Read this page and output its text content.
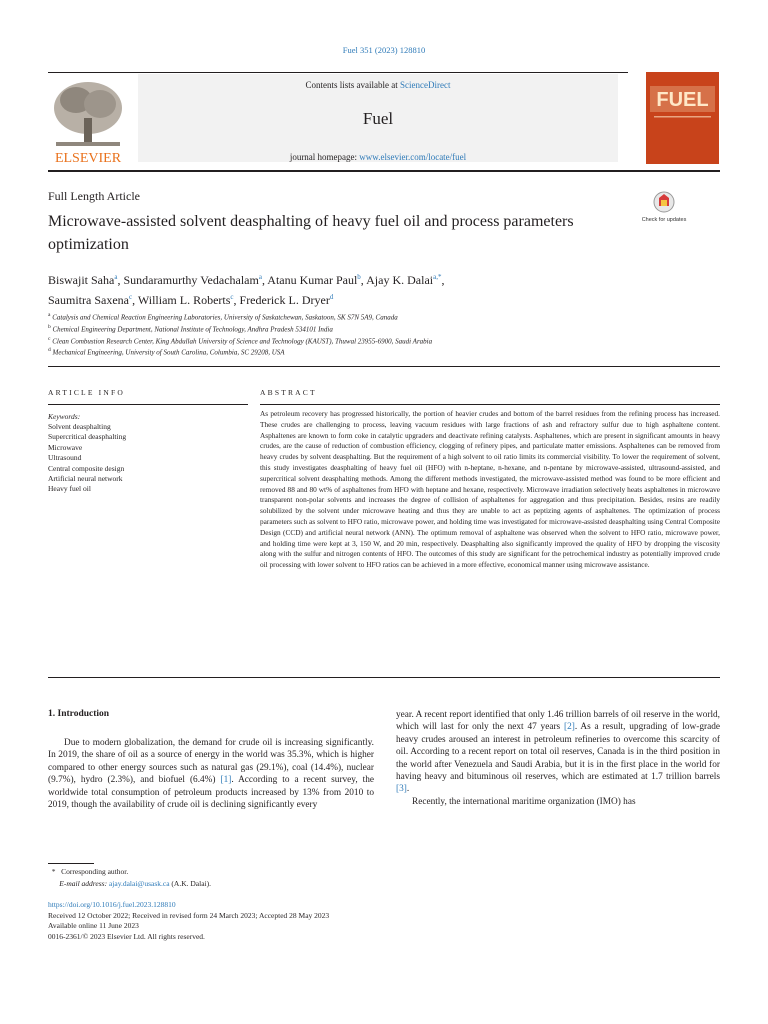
Fuel 351 (2023) 128810
ELSEVIER
Contents lists available at ScienceDirect
Fuel
journal homepage: www.elsevier.com/locate/fuel
FUEL
Full Length Article
Microwave-assisted solvent deasphalting of heavy fuel oil and process parameters optimization
Check for updates
Biswajit Saha$^a$, Sundaramurthy Vedachalam$^a$, Atanu Kumar Paul$^b$, Ajay K. Dalai$^{a,*}$,
Saumitra Saxena$^c$, William L. Roberts$^c$, Frederick L. Dryer$^d$
$^a$ Catalysis and Chemical Reaction Engineering Laboratories, University of Saskatchewan, Saskatoon, SK S7N 5A9, Canada
$^b$ Chemical Engineering Department, National Institute of Technology, Andhra Pradesh 534101 India
$^c$ Clean Combustion Research Center, King Abdullah University of Science and Technology (KAUST), Thuwal 23955-6900, Saudi Arabia
$^d$ Mechanical Engineering, University of South Carolina, Columbia, SC 29208, USA
ARTICLE INFO	ABSTRACT
Keywords:
Solvent deasphalting
Supercritical deasphalting
Microwave
Ultrasound
Central composite design
Artificial neural network
Heavy fuel oil
As petroleum recovery has progressed historically, the portion of heavier crudes and bottom of the barrel residues from the refining process has increased. These crudes are challenging to process, leaving vacuum residues with large fractions of ash and refractory sulfur due to high asphaltene content. Asphaltenes are known to form coke in catalytic upgraders and deactivate refining catalysts. Asphaltenes, which are present in significant amounts in heavy crudes, are the cause of reduction of combustion efficiency, clogging of refinery pipes, and particulate matter emissions. Asphaltenes can be removed from heavy crudes by solvent deasphalting. But the requirement of a high solvent to oil ratio limits its commercial visibility. To lower the requirement of solvent, this study investigates deasphalting of heavy fuel oil (HFO) with n-heptane, n-hexane, and n-pentane by microwave-assisted, ultrasound-assisted, and supercritical solvent deasphalting methods. Among the different methods investigated, the microwave-assisted method was found to be more efficient and removed 88 and 80 wt% of asphaltenes from HFO with heptane and hexane, respectively. Microwave irradiation selectively heats asphaltenes in microwave transparent non-polar solvents and increases the degree of collision of asphaltenes for aggregation and thus precipitation. Besides, resins are readily solubilized by the solvent under microwave heating and thus they are unable to act as peptizing agents of asphaltenes. The optimization of process parameters such as solvent to HFO ratio, microwave power, and holding time was investigated for microwave-assisted deasphalting using Central Composite Design (CCD) and artificial neural network (ANN). The optimum removal of asphaltene was observed when the solvent to HFO ratio, microwave power, and holding time were kept at 3, 150 W, and 20 min, respectively. Deasphalting also significantly improved the quality of HFO by dropping the viscosity along with the sulfur and nitrogen contents of HFO. The outcomes of this study are significant for the petrochemical industry as potentially improved crude oil processing with lower solvent to HFO ratios can be achieved in a more effective, economical manner using microwave assistance.
1. Introduction
Due to modern globalization, the demand for crude oil is increasing significantly. In 2019, the share of oil as a source of energy in the world was 35.3%, which is higher compared to other energy sources such as natural gas (29.1%), coal (14.4%), nuclear (9.7%), hydro (2.3%), and biofuel (6.4%) [1]. According to a recent survey, the worldwide total consumption of petroleum products increased by 13% from 2010 to 2019, though the availability of crude oil is declining significantly every

year. A recent report identified that only 1.46 trillion barrels of oil reserve in the world, which will last for only the next 47 years [2]. As a result, upgrading of low-grade heavy crudes aroused an interest in petroleum refineries to overcome this scarcity of oil. According to a recent report on total oil reserves, Canada is in the third position in the world after Venezuela and Saudi Arabia, but it is in the first place in the world for having heavy and bituminous oil reserves, which are estimated at 1.7 trillion barrels [3].

Recently, the international maritime organization (IMO) has

*   Corresponding author.
E-mail address: ajay.dalai@usask.ca (A.K. Dalai).
https://doi.org/10.1016/j.fuel.2023.128810
Received 12 October 2022; Received in revised form 24 March 2023; Accepted 28 May 2023
Available online 11 June 2023
0016-2361/© 2023 Elsevier Ltd. All rights reserved.
